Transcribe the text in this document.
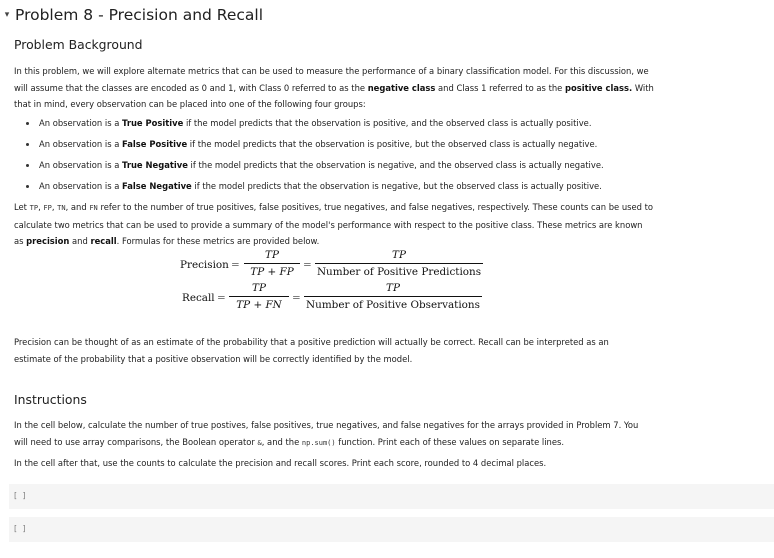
▾ Problem 8 - Precision and Recall
Problem Background
In this problem, we will explore alternate metrics that can be used to measure the performance of a binary classification model. For this discussion, we will assume that the classes are encoded as 0 and 1, with Class 0 referred to as the negative class and Class 1 referred to as the positive class. With that in mind, every observation can be placed into one of the following four groups:
An observation is a True Positive if the model predicts that the observation is positive, and the observed class is actually positive.
An observation is a False Positive if the model predicts that the observation is positive, but the observed class is actually negative.
An observation is a True Negative if the model predicts that the observation is negative, and the observed class is actually negative.
An observation is a False Negative if the model predicts that the observation is negative, but the observed class is actually positive.
Let TP, FP, TN, and FN refer to the number of true positives, false positives, true negatives, and false negatives, respectively. These counts can be used to calculate two metrics that can be used to provide a summary of the model's performance with respect to the positive class. These metrics are known as precision and recall. Formulas for these metrics are provided below.
Precision =
TP
TP + FP
=
TP
Number of Positive Predictions
Recall =
TP
TP + FN
=
TP
Number of Positive Observations
Precision can be thought of as an estimate of the probability that a positive prediction will actually be correct. Recall can be interpreted as an estimate of the probability that a positive observation will be correctly identified by the model.
Instructions
In the cell below, calculate the number of true postives, false positives, true negatives, and false negatives for the arrays provided in Problem 7. You will need to use array comparisons, the Boolean operator &, and the np.sum() function. Print each of these values on separate lines.
In the cell after that, use the counts to calculate the precision and recall scores. Print each score, rounded to 4 decimal places.
[ ]
[ ]
